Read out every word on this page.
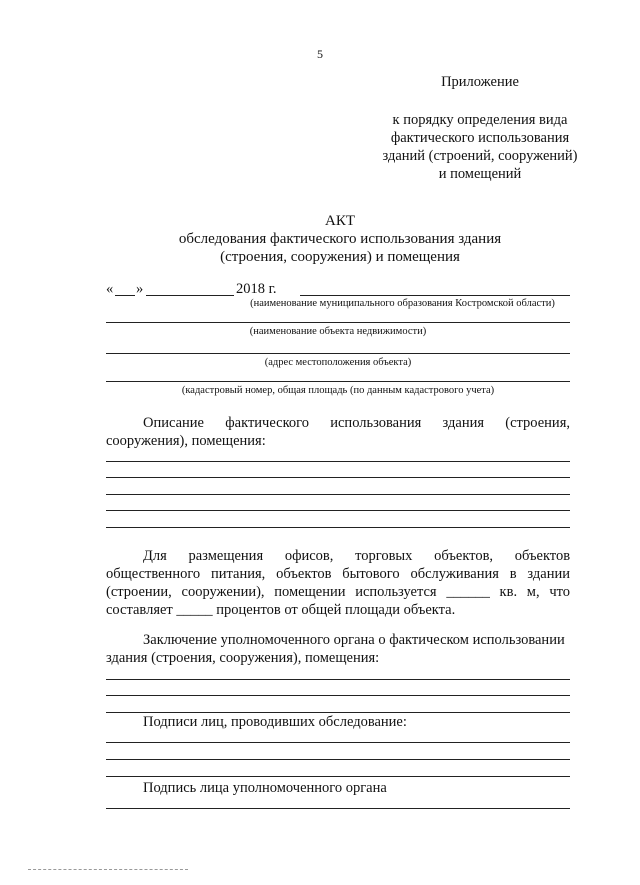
5
Приложение
к порядку определения вида
фактического использования
зданий (строений, сооружений)
и помещений
АКТ
обследования фактического использования здания
(строения, сооружения) и помещения
« »	2018 г.
(наименование муниципального образования Костромской области)
(наименование объекта недвижимости)
(адрес местоположения объекта)
(кадастровый номер, общая площадь (по данным кадастрового учета)
Описание фактического использования здания (строения,
сооружения), помещения:
Для размещения офисов, торговых объектов, объектов
общественного питания, объектов бытового обслуживания в здании
(строении, сооружении), помещении используется ______ кв. м, что
составляет _____ процентов от общей площади объекта.
Заключение уполномоченного органа о фактическом использовании
здания (строения, сооружения), помещения:
Подписи лиц, проводивших обследование:
Подпись лица уполномоченного органа
